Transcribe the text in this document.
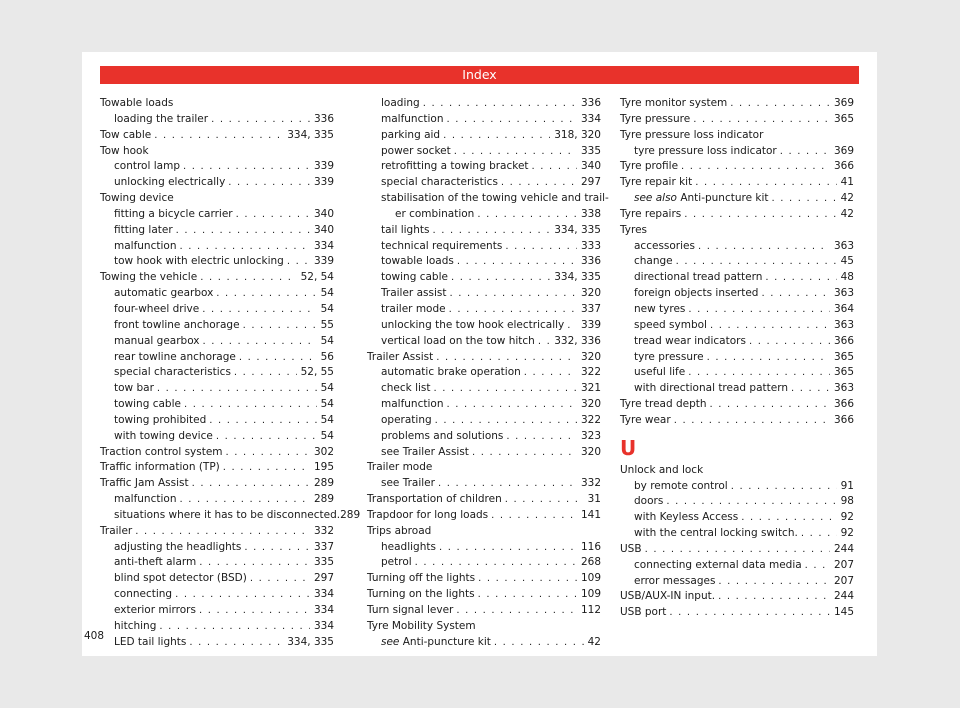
Index
Towable loads
loading the trailer . . .	336
Tow cable . . .	334, 335
Tow hook
control lamp . . .	339
unlocking electrically . . .	339
Towing device
fitting a bicycle carrier . . .	340
fitting later . . .	340
malfunction . . .	334
tow hook with electric unlocking . . .	339
Towing the vehicle . . .	52, 54
automatic gearbox . . .	54
four-wheel drive . . .	54
front towline anchorage . . .	55
manual gearbox . . .	54
rear towline anchorage . . .	56
special characteristics . . .	52, 55
tow bar . . .	54
towing cable . . .	54
towing prohibited . . .	54
with towing device . . .	54
Traction control system . . .	302
Traffic information (TP) . . .	195
Traffic Jam Assist . . .	289
malfunction . . .	289
situations where it has to be disconnected 289
Trailer . . .	332
adjusting the headlights . . .	337
anti-theft alarm . . .	335
blind spot detector (BSD) . . .	297
connecting . . .	334
exterior mirrors . . .	334
hitching . . .	334
LED tail lights . . .	334, 335
loading . . .	336
malfunction . . .	334
parking aid . . .	318, 320
power socket . . .	335
retrofitting a towing bracket . . .	340
special characteristics . . .	297
stabilisation of the towing vehicle and trail-
er combination . . .	338
tail lights . . .	334, 335
technical requirements . . .	333
towable loads . . .	336
towing cable . . .	334, 335
Trailer assist . . .	320
trailer mode . . .	337
unlocking the tow hook electrically . . . 339
vertical load on the tow hitch . . . 332, 336
Trailer Assist . . .	320
automatic brake operation . . .	322
check list . . .	321
malfunction . . .	320
operating . . .	322
problems and solutions . . .	323
see Trailer Assist . . .	320
Trailer mode
see Trailer . . .	332
Transportation of children . . .	31
Trapdoor for long loads . . .	141
Trips abroad
headlights . . .	116
petrol . . .	268
Turning off the lights . . .	109
Turning on the lights . . .	109
Turn signal lever . . .	112
Tyre Mobility System
see Anti-puncture kit . . .	42
Tyre monitor system . . .	369
Tyre pressure . . .	365
Tyre pressure loss indicator
tyre pressure loss indicator . . .	369
Tyre profile . . .	366
Tyre repair kit . . .	41
see also Anti-puncture kit . . .	42
Tyre repairs . . .	42
Tyres
accessories . . .	363
change . . .	45
directional tread pattern . . .	48
foreign objects inserted . . .	363
new tyres . . .	364
speed symbol . . .	363
tread wear indicators . . .	366
tyre pressure . . .	365
useful life . . .	365
with directional tread pattern . . .	363
Tyre tread depth . . .	366
Tyre wear . . .	366
U
Unlock and lock
by remote control . . .	91
doors . . .	98
with Keyless Access . . .	92
with the central locking switch. . . .	92
USB . . .	244
connecting external data media . . .	207
error messages . . .	207
USB/AUX-IN input. . . .	244
USB port . . .	145
408
